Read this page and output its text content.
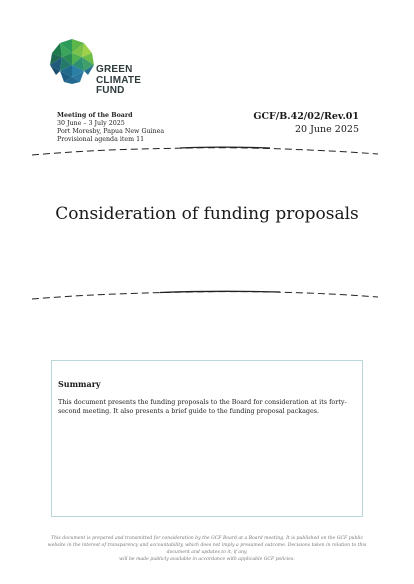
GREEN
CLIMATE
FUND
Meeting of the Board
30 June – 3 July 2025
Port Moresby, Papua New Guinea
Provisional agenda item 11
GCF/B.42/02/Rev.01
20 June 2025
Consideration of funding proposals
Summary
This document presents the funding proposals to the Board for consideration at its forty-second meeting. It also presents a brief guide to the funding proposal packages.
This document is prepared and transmitted for consideration by the GCF Board at a Board meeting. It is published on the GCF public
website in the interest of transparency and accountability, which does not imply a presumed outcome. Decisions taken in relation to this document and updates to it, if any,
will be made publicly available in accordance with applicable GCF policies.
